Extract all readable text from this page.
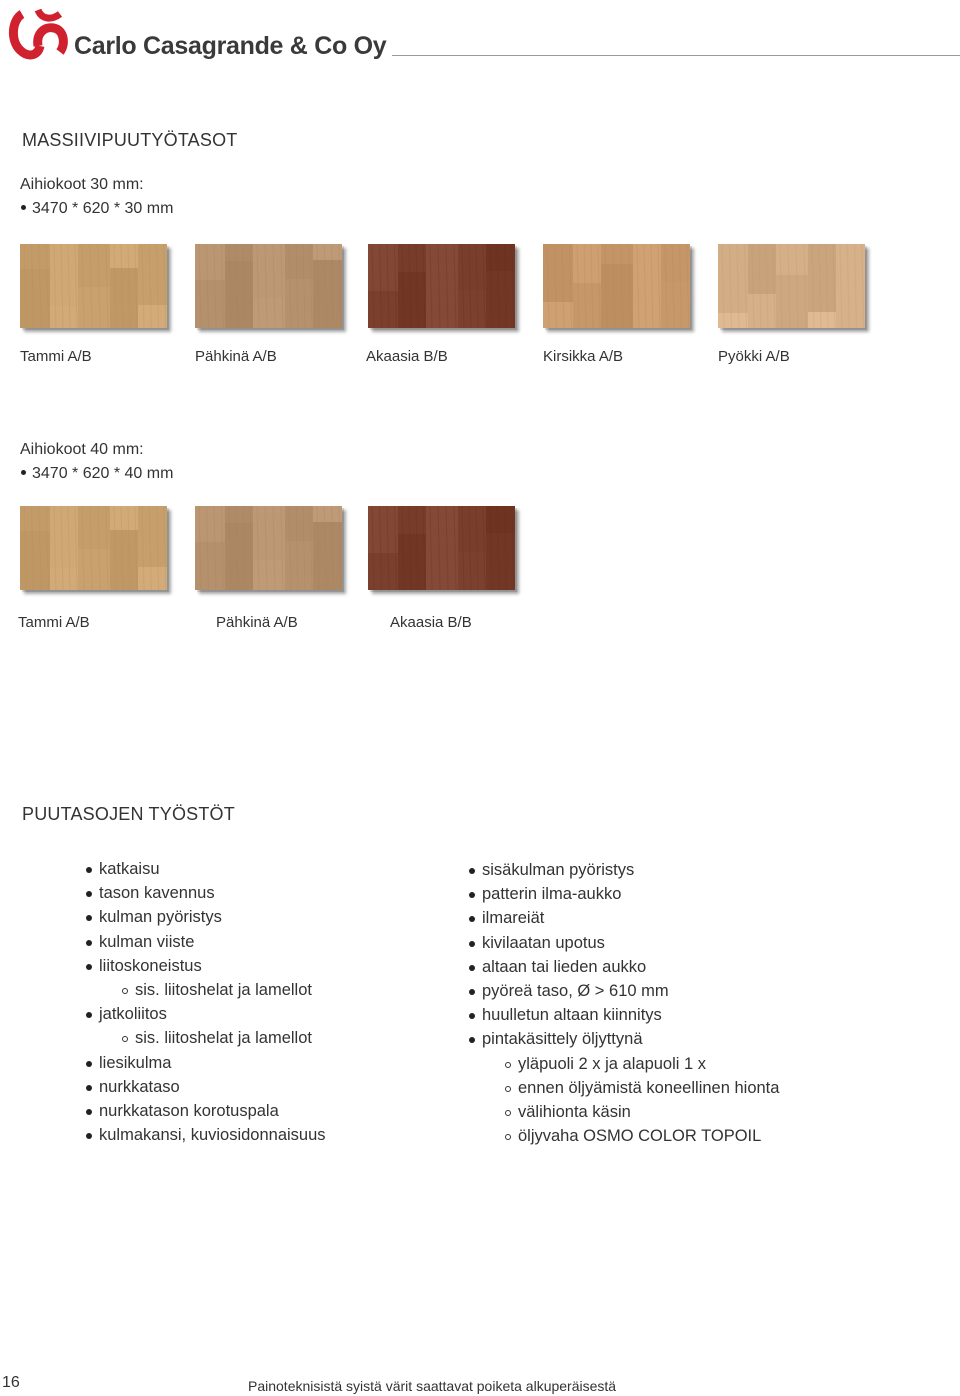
Carlo Casagrande & Co Oy
MASSIIVIPUUTYÖTASOT
Aihiokoot 30 mm:
3470 * 620 * 30 mm
Tammi A/B	Pähkinä A/B	Akaasia B/B	Kirsikka A/B	Pyökki A/B
Aihiokoot 40 mm:
3470 * 620 * 40 mm
Tammi A/B	Pähkinä A/B	Akaasia B/B
PUUTASOJEN TYÖSTÖT
katkaisu
tason kavennus
kulman pyöristys
kulman viiste
liitoskoneistus
sis. liitoshelat ja lamellot
jatkoliitos
sis. liitoshelat ja lamellot
liesikulma
nurkkataso
nurkkatason korotuspala
kulmakansi, kuviosidonnaisuus
sisäkulman pyöristys
patterin ilma-aukko
ilmareiät
kivilaatan upotus
altaan tai lieden aukko
pyöreä taso, Ø > 610 mm
huulletun altaan kiinnitys
pintakäsittely öljyttynä
yläpuoli 2 x ja alapuoli 1 x
ennen öljyämistä koneellinen hionta
välihionta käsin
öljyvaha OSMO COLOR TOPOIL
16	Painoteknisistä syistä värit saattavat poiketa alkuperäisestä
